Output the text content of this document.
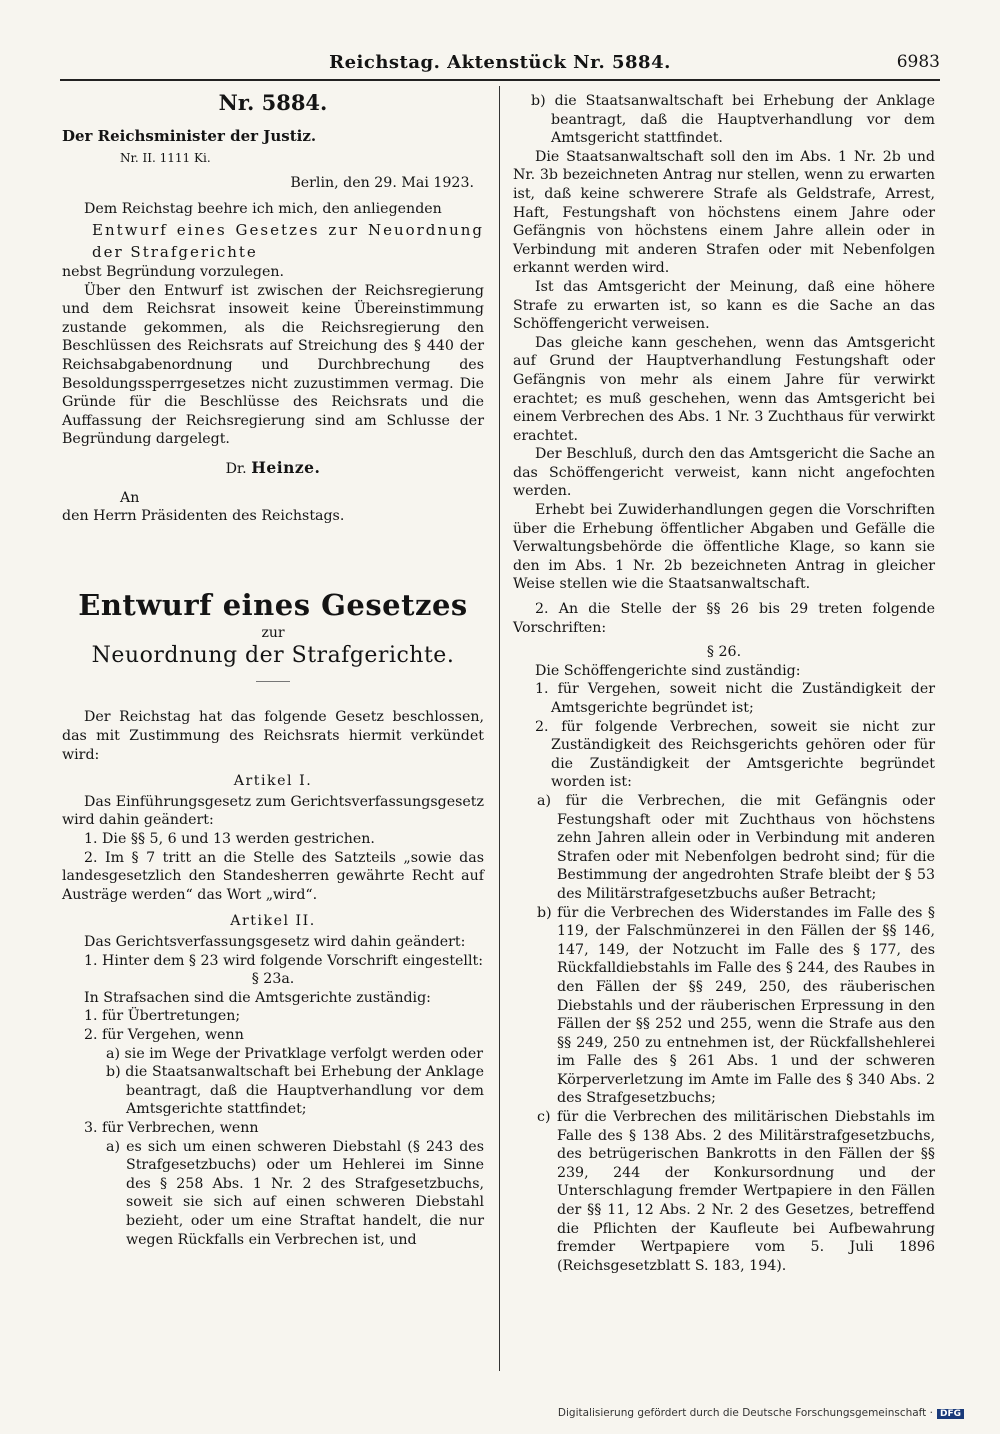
Reichstag. Aktenstück Nr. 5884.	6983

Nr. 5884.

Der Reichsminister der Justiz.

Nr. II. 1111 Ki.

Berlin, den 29. Mai 1923.

Dem Reichstag beehre ich mich, den anliegenden

Entwurf eines Gesetzes zur Neuordnung der Strafgerichte

nebst Begründung vorzulegen.

Über den Entwurf ist zwischen der Reichsregierung und dem Reichsrat insoweit keine Übereinstimmung zustande gekommen, als die Reichsregierung den Beschlüssen des Reichsrats auf Streichung des § 440 der Reichsabgabenordnung und Durchbrechung des Besoldungssperrgesetzes nicht zuzustimmen vermag. Die Gründe für die Beschlüsse des Reichsrats und die Auffassung der Reichsregierung sind am Schlusse der Begründung dargelegt.

Dr. Heinze.

An

den Herrn Präsidenten des Reichstags.

Entwurf eines Gesetzes

zur

Neuordnung der Strafgerichte.

Der Reichstag hat das folgende Gesetz beschlossen, das mit Zustimmung des Reichsrats hiermit verkündet wird:

Artikel I.

Das Einführungsgesetz zum Gerichtsverfassungsgesetz wird dahin geändert:

1. Die §§ 5, 6 und 13 werden gestrichen.

2. Im § 7 tritt an die Stelle des Satzteils „sowie das landesgesetzlich den Standesherren gewährte Recht auf Austräge werden“ das Wort „wird“.

Artikel II.

Das Gerichtsverfassungsgesetz wird dahin geändert:

1. Hinter dem § 23 wird folgende Vorschrift eingestellt:

§ 23a.

In Strafsachen sind die Amtsgerichte zuständig:

1. für Übertretungen;

2. für Vergehen, wenn

a) sie im Wege der Privatklage verfolgt werden oder

b) die Staatsanwaltschaft bei Erhebung der Anklage beantragt, daß die Hauptverhandlung vor dem Amtsgerichte stattfindet;

3. für Verbrechen, wenn

a) es sich um einen schweren Diebstahl (§ 243 des Strafgesetzbuchs) oder um Hehlerei im Sinne des § 258 Abs. 1 Nr. 2 des Strafgesetzbuchs, soweit sie sich auf einen schweren Diebstahl bezieht, oder um eine Straftat handelt, die nur wegen Rückfalls ein Verbrechen ist, und

b) die Staatsanwaltschaft bei Erhebung der Anklage beantragt, daß die Hauptverhandlung vor dem Amtsgericht stattfindet.

Die Staatsanwaltschaft soll den im Abs. 1 Nr. 2b und Nr. 3b bezeichneten Antrag nur stellen, wenn zu erwarten ist, daß keine schwerere Strafe als Geldstrafe, Arrest, Haft, Festungshaft von höchstens einem Jahre oder Gefängnis von höchstens einem Jahre allein oder in Verbindung mit anderen Strafen oder mit Nebenfolgen erkannt werden wird.

Ist das Amtsgericht der Meinung, daß eine höhere Strafe zu erwarten ist, so kann es die Sache an das Schöffengericht verweisen.

Das gleiche kann geschehen, wenn das Amtsgericht auf Grund der Hauptverhandlung Festungshaft oder Gefängnis von mehr als einem Jahre für verwirkt erachtet; es muß geschehen, wenn das Amtsgericht bei einem Verbrechen des Abs. 1 Nr. 3 Zuchthaus für verwirkt erachtet.

Der Beschluß, durch den das Amtsgericht die Sache an das Schöffengericht verweist, kann nicht angefochten werden.

Erhebt bei Zuwiderhandlungen gegen die Vorschriften über die Erhebung öffentlicher Abgaben und Gefälle die Verwaltungsbehörde die öffentliche Klage, so kann sie den im Abs. 1 Nr. 2b bezeichneten Antrag in gleicher Weise stellen wie die Staatsanwaltschaft.

2. An die Stelle der §§ 26 bis 29 treten folgende Vorschriften:

§ 26.

Die Schöffengerichte sind zuständig:

1. für Vergehen, soweit nicht die Zuständigkeit der Amtsgerichte begründet ist;

2. für folgende Verbrechen, soweit sie nicht zur Zuständigkeit des Reichsgerichts gehören oder für die Zuständigkeit der Amtsgerichte begründet worden ist:

a) für die Verbrechen, die mit Gefängnis oder Festungshaft oder mit Zuchthaus von höchstens zehn Jahren allein oder in Verbindung mit anderen Strafen oder mit Nebenfolgen bedroht sind; für die Bestimmung der angedrohten Strafe bleibt der § 53 des Militärstrafgesetzbuchs außer Betracht;

b) für die Verbrechen des Widerstandes im Falle des § 119, der Falschmünzerei in den Fällen der §§ 146, 147, 149, der Notzucht im Falle des § 177, des Rückfalldiebstahls im Falle des § 244, des Raubes in den Fällen der §§ 249, 250, des räuberischen Diebstahls und der räuberischen Erpressung in den Fällen der §§ 252 und 255, wenn die Strafe aus den §§ 249, 250 zu entnehmen ist, der Rückfallshehlerei im Falle des § 261 Abs. 1 und der schweren Körperverletzung im Amte im Falle des § 340 Abs. 2 des Strafgesetzbuchs;

c) für die Verbrechen des militärischen Diebstahls im Falle des § 138 Abs. 2 des Militärstrafgesetzbuchs, des betrügerischen Bankrotts in den Fällen der §§ 239, 244 der Konkursordnung und der Unterschlagung fremder Wertpapiere in den Fällen der §§ 11, 12 Abs. 2 Nr. 2 des Gesetzes, betreffend die Pflichten der Kaufleute bei Aufbewahrung fremder Wertpapiere vom 5. Juli 1896 (Reichsgesetzblatt S. 183, 194).

Digitalisierung gefördert durch die Deutsche Forschungsgemeinschaft · DFG
